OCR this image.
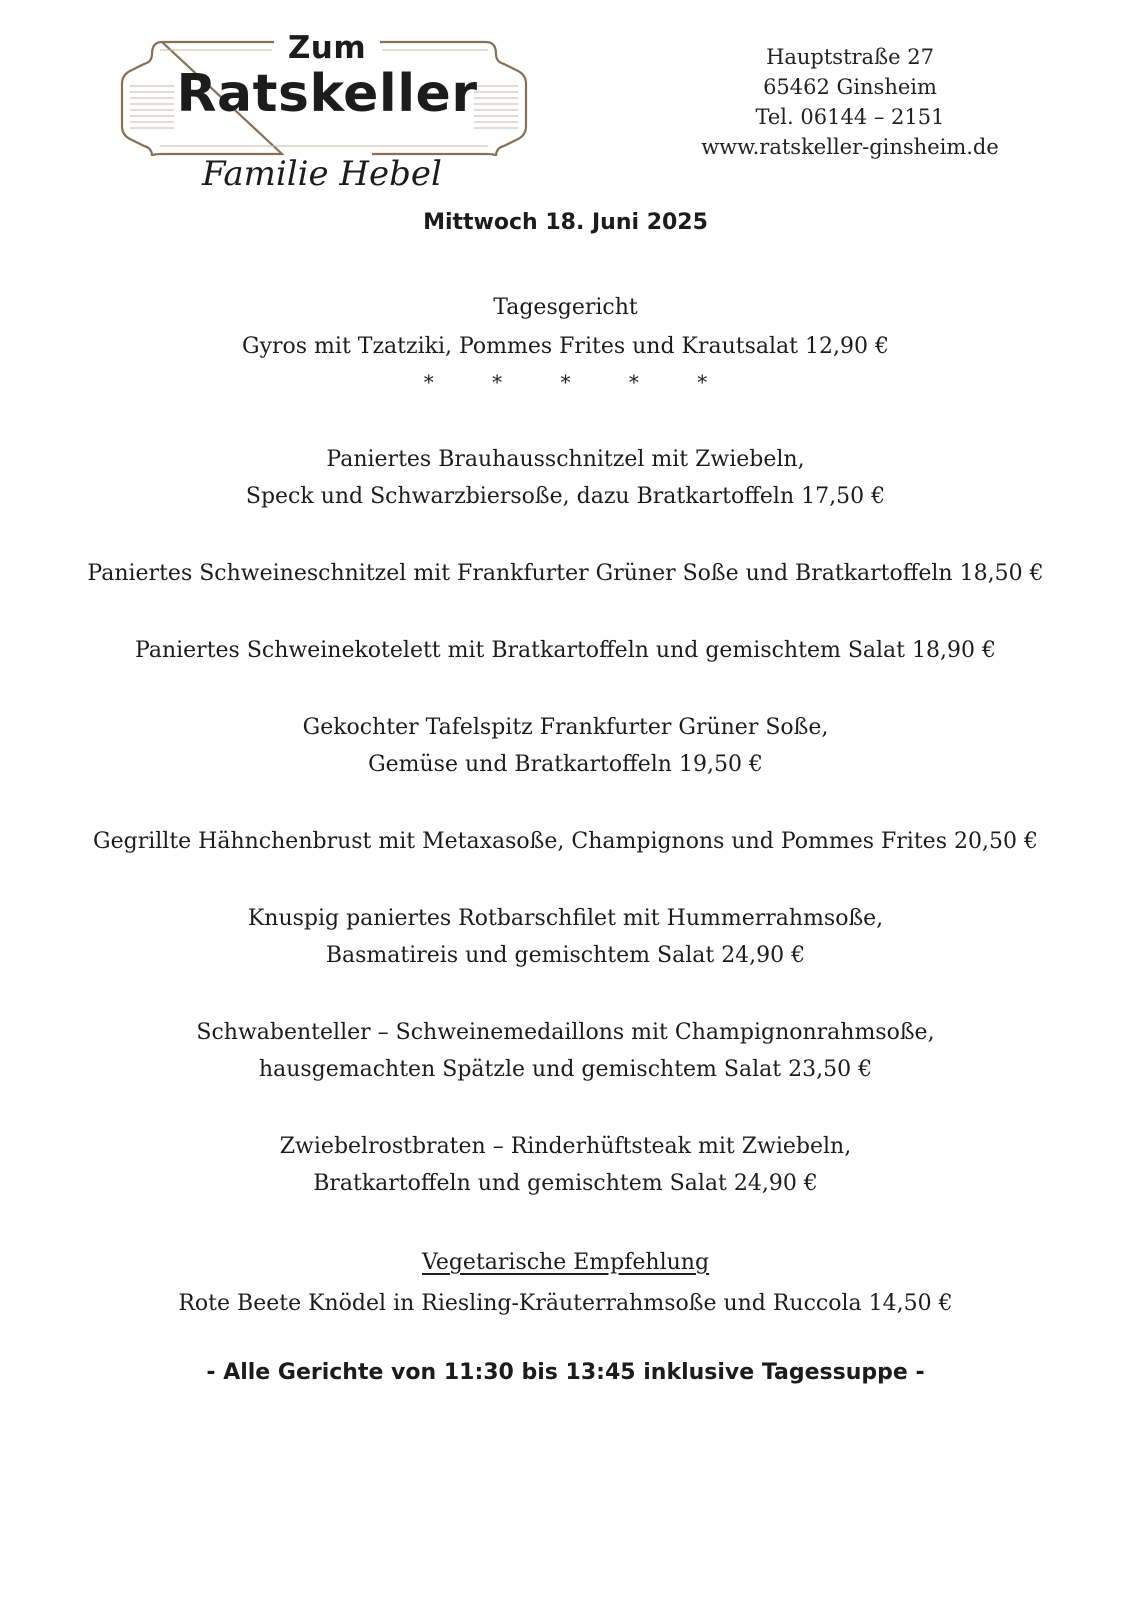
Zum
Ratskeller
Familie Hebel
Hauptstraße 27
65462 Ginsheim
Tel. 06144 – 2151
www.ratskeller-ginsheim.de
Mittwoch 18. Juni 2025
Tagesgericht
Gyros mit Tzatziki, Pommes Frites und Krautsalat 12,90 €
* * * * *
Paniertes Brauhausschnitzel mit Zwiebeln,
Speck und Schwarzbiersoße, dazu Bratkartoffeln 17,50 €
Paniertes Schweineschnitzel mit Frankfurter Grüner Soße und Bratkartoffeln 18,50 €
Paniertes Schweinekotelett mit Bratkartoffeln und gemischtem Salat 18,90 €
Gekochter Tafelspitz Frankfurter Grüner Soße,
Gemüse und Bratkartoffeln 19,50 €
Gegrillte Hähnchenbrust mit Metaxasoße, Champignons und Pommes Frites 20,50 €
Knuspig paniertes Rotbarschfilet mit Hummerrahmsoße,
Basmatireis und gemischtem Salat 24,90 €
Schwabenteller – Schweinemedaillons mit Champignonrahmsoße,
hausgemachten Spätzle und gemischtem Salat 23,50 €
Zwiebelrostbraten – Rinderhüftsteak mit Zwiebeln,
Bratkartoffeln und gemischtem Salat 24,90 €
Vegetarische Empfehlung
Rote Beete Knödel in Riesling-Kräuterrahmsoße und Ruccola 14,50 €
- Alle Gerichte von 11:30 bis 13:45 inklusive Tagessuppe -
